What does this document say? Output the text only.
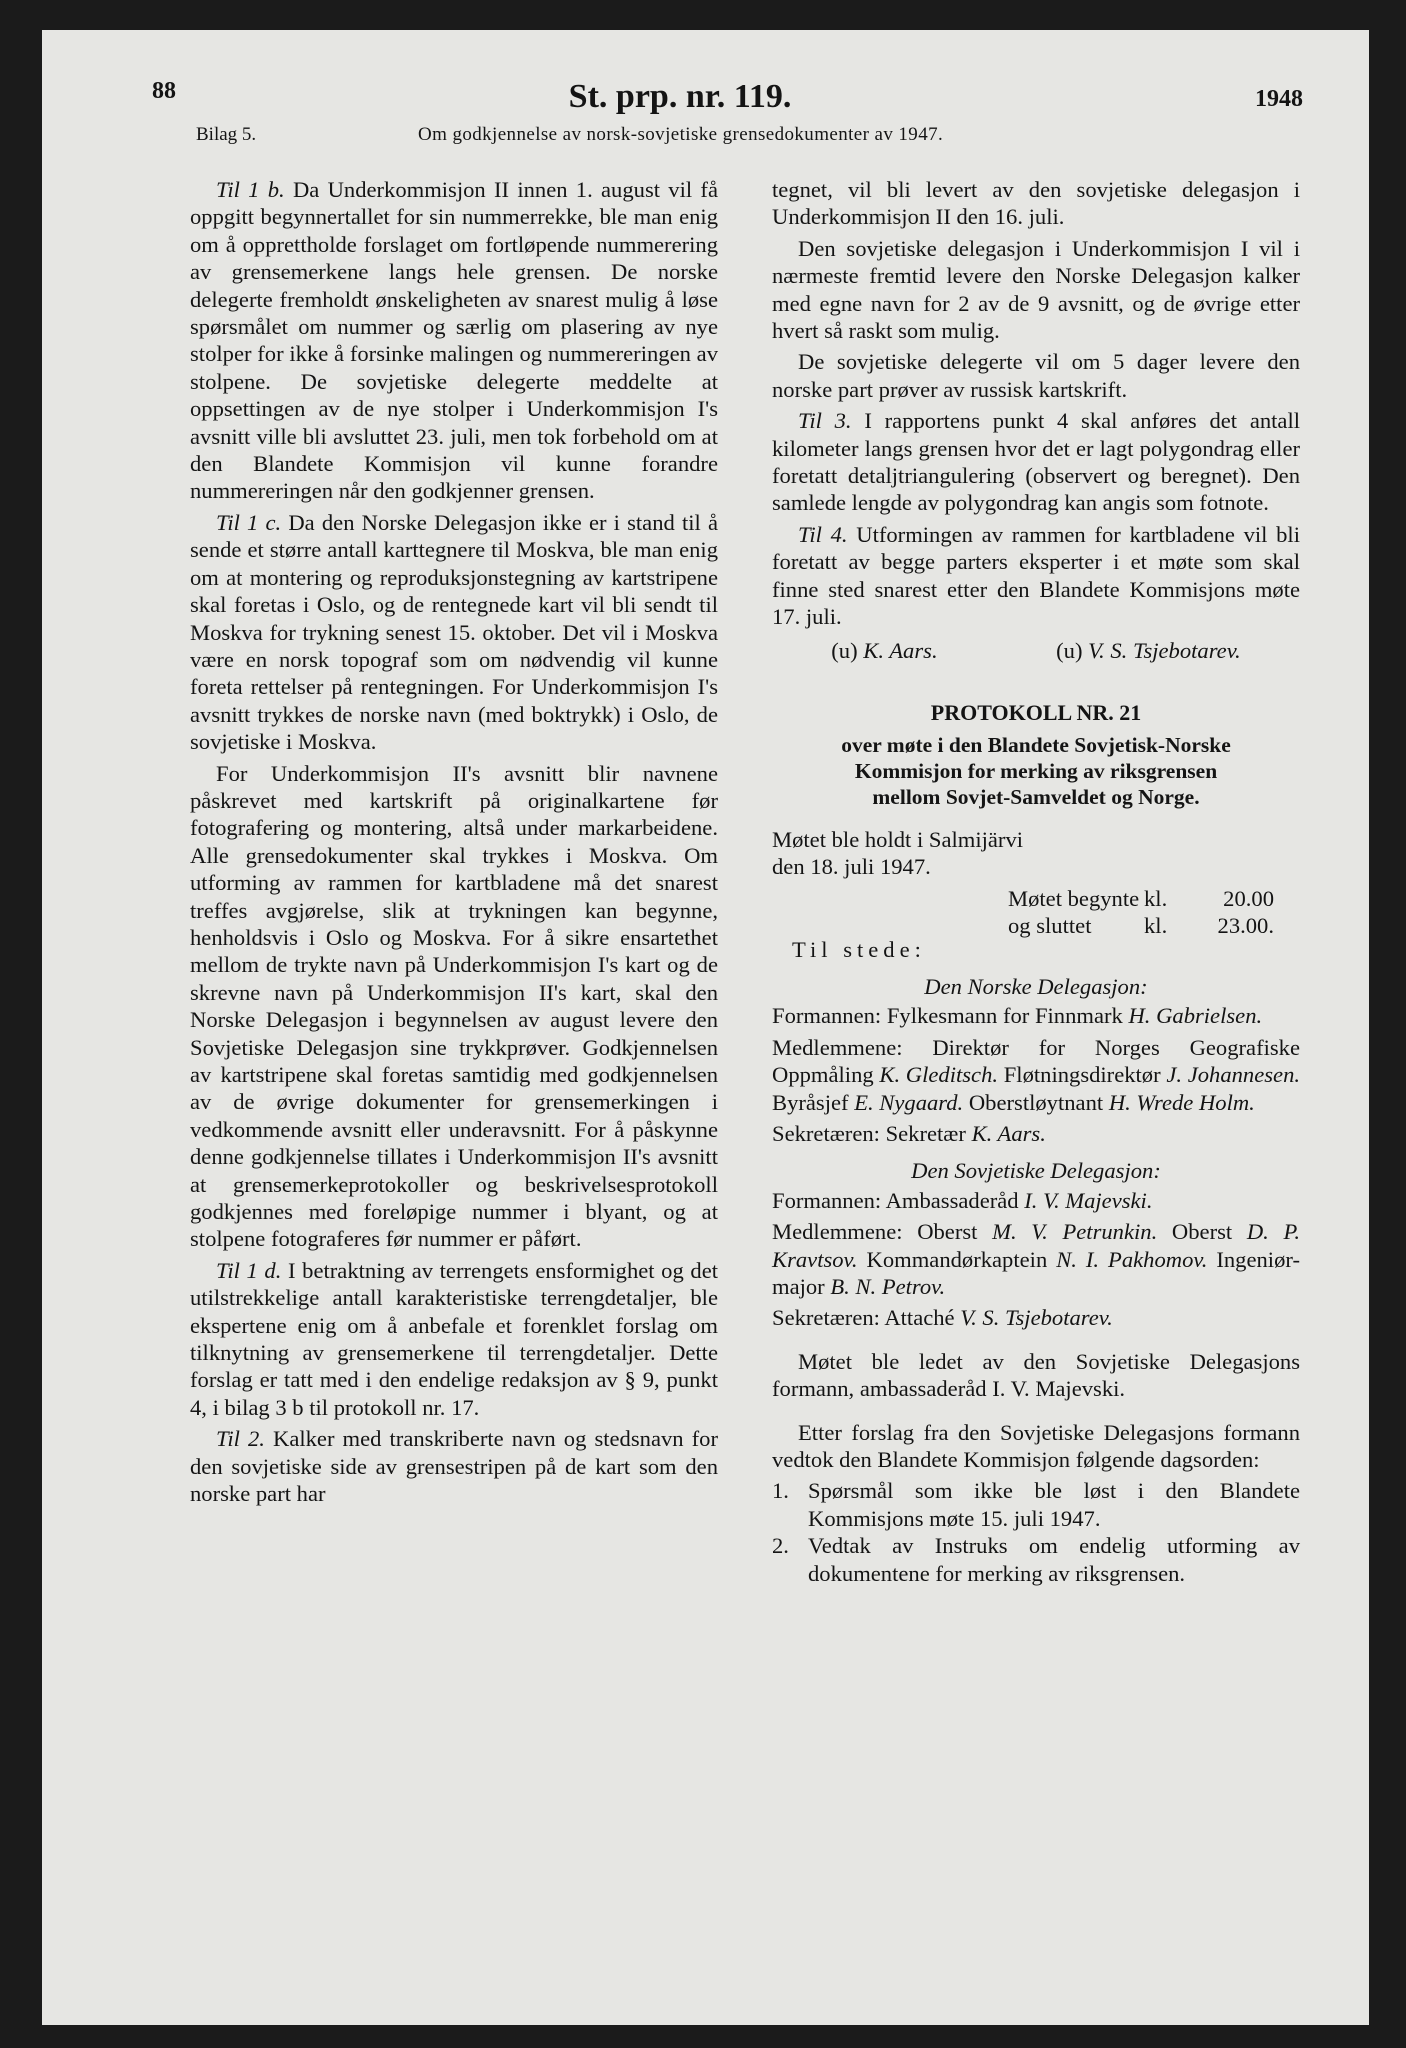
88	St. prp. nr. 119.	1948
Bilag 5.	Om godkjennelse av norsk-sovjetiske grensedokumenter av 1947.

Til 1 b. Da Underkommisjon II innen 1. august vil få oppgitt begynnertallet for sin nummerrekke, ble man enig om å opprettholde forslaget om fortløpende nummerering av grensemerkene langs hele grensen. De norske delegerte fremholdt ønskeligheten av snarest mulig å løse spørsmålet om nummer og særlig om plasering av nye stolper for ikke å forsinke malingen og nummereringen av stolpene. De sovjetiske delegerte meddelte at oppsettingen av de nye stolper i Underkommisjon I's avsnitt ville bli avsluttet 23. juli, men tok forbehold om at den Blandete Kommisjon vil kunne forandre nummereringen når den godkjenner grensen.

Til 1 c. Da den Norske Delegasjon ikke er i stand til å sende et større antall karttegnere til Moskva, ble man enig om at montering og reproduksjonstegning av kartstripene skal foretas i Oslo, og de rentegnede kart vil bli sendt til Moskva for trykning senest 15. oktober. Det vil i Moskva være en norsk topograf som om nødvendig vil kunne foreta rettelser på rentegningen. For Underkommisjon I's avsnitt trykkes de norske navn (med boktrykk) i Oslo, de sovjetiske i Moskva.

For Underkommisjon II's avsnitt blir navnene påskrevet med kartskrift på originalkartene før fotografering og montering, altså under markarbeidene. Alle grensedokumenter skal trykkes i Moskva. Om utforming av rammen for kartbladene må det snarest treffes avgjørelse, slik at trykningen kan begynne, henholdsvis i Oslo og Moskva. For å sikre ensartethet mellom de trykte navn på Underkommisjon I's kart og de skrevne navn på Underkommisjon II's kart, skal den Norske Delegasjon i begynnelsen av august levere den Sovjetiske Delegasjon sine trykkprøver. Godkjennelsen av kartstripene skal foretas samtidig med godkjennelsen av de øvrige dokumenter for grensemerkingen i vedkommende avsnitt eller underavsnitt. For å påskynne denne godkjennelse tillates i Underkommisjon II's avsnitt at grensemerkeprotokoller og beskrivelsesprotokoll godkjennes med foreløpige nummer i blyant, og at stolpene fotograferes før nummer er påført.

Til 1 d. I betraktning av terrengets ensformighet og det utilstrekkelige antall karakteristiske terrengdetaljer, ble ekspertene enig om å anbefale et forenklet forslag om tilknytning av grensemerkene til terrengdetaljer. Dette forslag er tatt med i den endelige redaksjon av § 9, punkt 4, i bilag 3 b til protokoll nr. 17.

Til 2. Kalker med transkriberte navn og stedsnavn for den sovjetiske side av grensestripen på de kart som den norske part har

tegnet, vil bli levert av den sovjetiske delegasjon i Underkommisjon II den 16. juli.

Den sovjetiske delegasjon i Underkommisjon I vil i nærmeste fremtid levere den Norske Delegasjon kalker med egne navn for 2 av de 9 avsnitt, og de øvrige etter hvert så raskt som mulig.

De sovjetiske delegerte vil om 5 dager levere den norske part prøver av russisk kartskrift.

Til 3. I rapportens punkt 4 skal anføres det antall kilometer langs grensen hvor det er lagt polygondrag eller foretatt detaljtriangulering (observert og beregnet). Den samlede lengde av polygondrag kan angis som fotnote.

Til 4. Utformingen av rammen for kartbladene vil bli foretatt av begge parters eksperter i et møte som skal finne sted snarest etter den Blandete Kommisjons møte 17. juli.

(u) K. Aars.	(u) V. S. Tsjebotarev.
PROTOKOLL NR. 21
over møte i den Blandete Sovjetisk-Norske
Kommisjon for merking av riksgrensen
mellom Sovjet-Samveldet og Norge.
Møtet ble holdt i Salmijärvi
den 18. juli 1947.
Møtet begynte kl.	20.00
og sluttet	kl.	23.00.
Til stede:
Den Norske Delegasjon:

Formannen: Fylkesmann for Finnmark H. Gabrielsen.

Medlemmene: Direktør for Norges Geografiske Oppmåling K. Gleditsch. Fløtningsdirektør J. Johannesen. Byråsjef E. Nygaard. Oberstløytnant H. Wrede Holm.

Sekretæren: Sekretær K. Aars.

Den Sovjetiske Delegasjon:

Formannen: Ambassaderåd I. V. Majevski.

Medlemmene: Oberst M. V. Petrunkin. Oberst D. P. Kravtsov. Kommandørkaptein N. I. Pakhomov. Ingeniør-major B. N. Petrov.

Sekretæren: Attaché V. S. Tsjebotarev.

Møtet ble ledet av den Sovjetiske Delegasjons formann, ambassaderåd I. V. Majevski.

Etter forslag fra den Sovjetiske Delegasjons formann vedtok den Blandete Kommisjon følgende dagsorden:

1. Spørsmål som ikke ble løst i den Blandete Kommisjons møte 15. juli 1947.
2. Vedtak av Instruks om endelig utforming av dokumentene for merking av riksgrensen.
